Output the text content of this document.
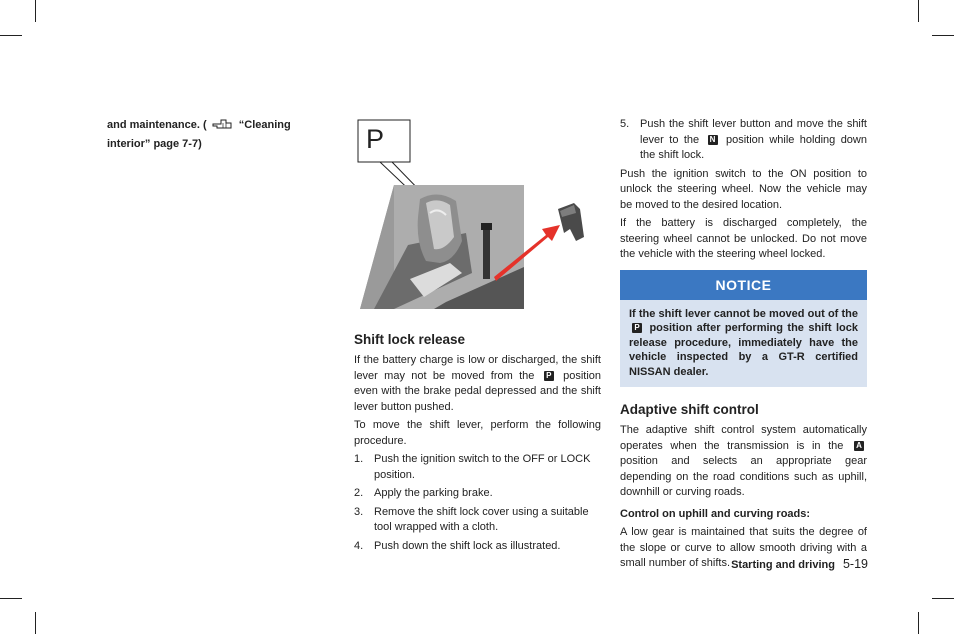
and maintenance. (	“Cleaning interior” page 7-7)	P
Shift lock release

If the battery charge is low or discharged, the shift lever may not be moved from the P position even with the brake pedal depressed and the shift lever button pushed.

To move the shift lever, perform the following procedure.

1. Push the ignition switch to the OFF or LOCK position.
2. Apply the parking brake.
3. Remove the shift lock cover using a suitable tool wrapped with a cloth.
4. Push down the shift lock as illustrated.
5. Push the shift lever button and move the shift lever to the N position while holding down the shift lock.

Push the ignition switch to the ON position to unlock the steering wheel. Now the vehicle may be moved to the desired location.

If the battery is discharged completely, the steering wheel cannot be unlocked. Do not move the vehicle with the steering wheel locked.

NOTICE
If the shift lever cannot be moved out of the P position after performing the shift lock release procedure, immediately have the vehicle inspected by a GT-R certified NISSAN dealer.
Adaptive shift control

The adaptive shift control system automatically operates when the transmission is in the A position and selects an appropriate gear depending on the road conditions such as uphill, downhill or curving roads.

Control on uphill and curving roads:

A low gear is maintained that suits the degree of the slope or curve to allow smooth driving with a small number of shifts. Starting and driving 5-19
